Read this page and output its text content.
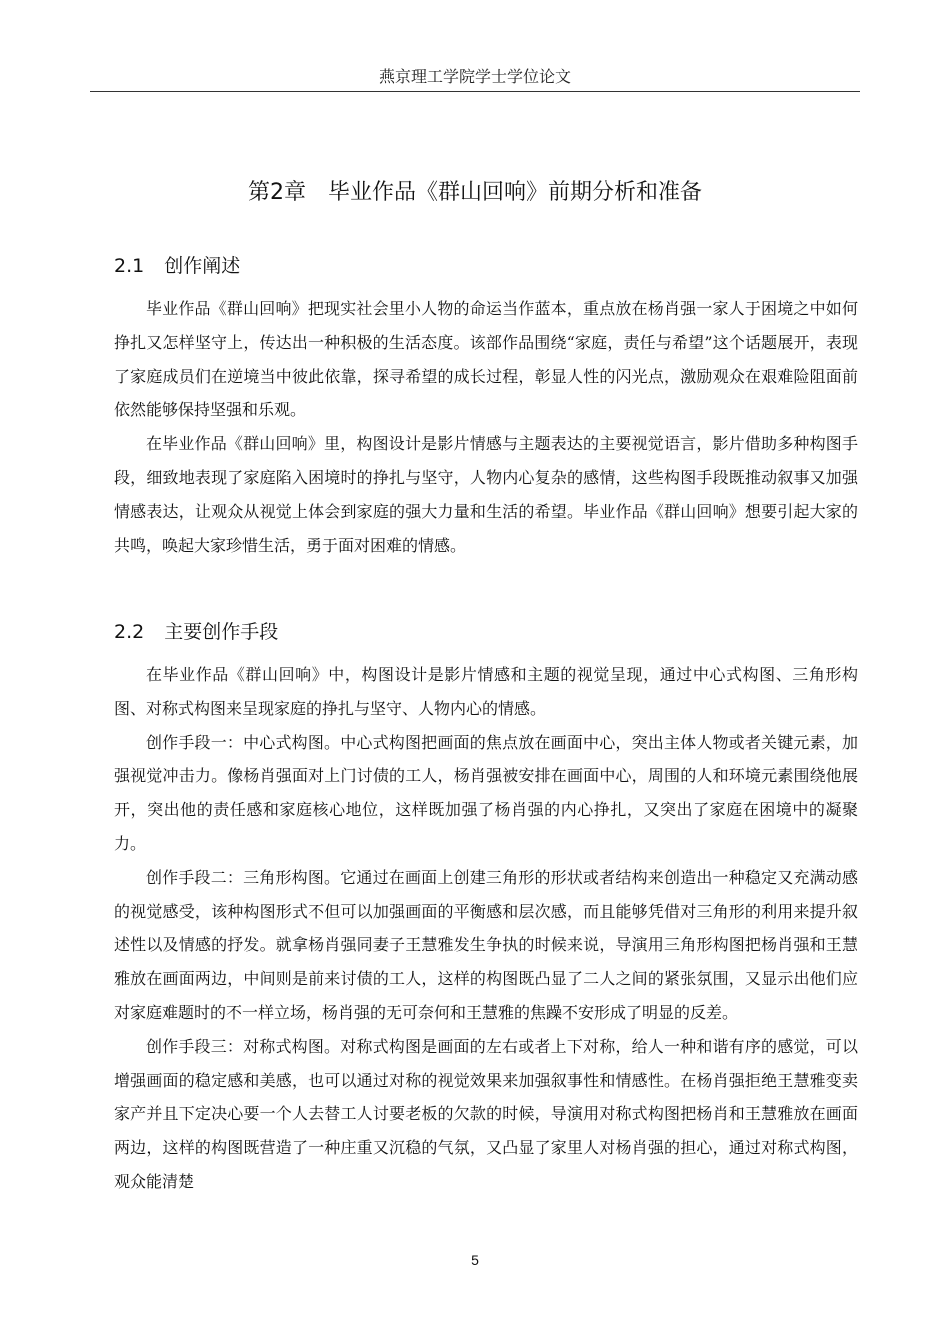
燕京理工学院学士学位论文
第2章 毕业作品《群山回响》前期分析和准备
2.1 创作阐述

毕业作品《群山回响》把现实社会里小人物的命运当作蓝本，重点放在杨肖强一家人于困境之中如何挣扎又怎样坚守上，传达出一种积极的生活态度。该部作品围绕“家庭，责任与希望”这个话题展开，表现了家庭成员们在逆境当中彼此依靠，探寻希望的成长过程，彰显人性的闪光点，激励观众在艰难险阻面前依然能够保持坚强和乐观。

在毕业作品《群山回响》里，构图设计是影片情感与主题表达的主要视觉语言，影片借助多种构图手段，细致地表现了家庭陷入困境时的挣扎与坚守，人物内心复杂的感情，这些构图手段既推动叙事又加强情感表达，让观众从视觉上体会到家庭的强大力量和生活的希望。毕业作品《群山回响》想要引起大家的共鸣，唤起大家珍惜生活，勇于面对困难的情感。

2.2 主要创作手段

在毕业作品《群山回响》中，构图设计是影片情感和主题的视觉呈现，通过中心式构图、三角形构图、对称式构图来呈现家庭的挣扎与坚守、人物内心的情感。

创作手段一：中心式构图。中心式构图把画面的焦点放在画面中心，突出主体人物或者关键元素，加强视觉冲击力。像杨肖强面对上门讨债的工人，杨肖强被安排在画面中心，周围的人和环境元素围绕他展开，突出他的责任感和家庭核心地位，这样既加强了杨肖强的内心挣扎，又突出了家庭在困境中的凝聚力。

创作手段二：三角形构图。它通过在画面上创建三角形的形状或者结构来创造出一种稳定又充满动感的视觉感受，该种构图形式不但可以加强画面的平衡感和层次感，而且能够凭借对三角形的利用来提升叙述性以及情感的抒发。就拿杨肖强同妻子王慧雅发生争执的时候来说，导演用三角形构图把杨肖强和王慧雅放在画面两边，中间则是前来讨债的工人，这样的构图既凸显了二人之间的紧张氛围，又显示出他们应对家庭难题时的不一样立场，杨肖强的无可奈何和王慧雅的焦躁不安形成了明显的反差。

创作手段三：对称式构图。对称式构图是画面的左右或者上下对称，给人一种和谐有序的感觉，可以增强画面的稳定感和美感，也可以通过对称的视觉效果来加强叙事性和情感性。在杨肖强拒绝王慧雅变卖家产并且下定决心要一个人去替工人讨要老板的欠款的时候，导演用对称式构图把杨肖和王慧雅放在画面两边，这样的构图既营造了一种庄重又沉稳的气氛，又凸显了家里人对杨肖强的担心，通过对称式构图，观众能清楚

5
